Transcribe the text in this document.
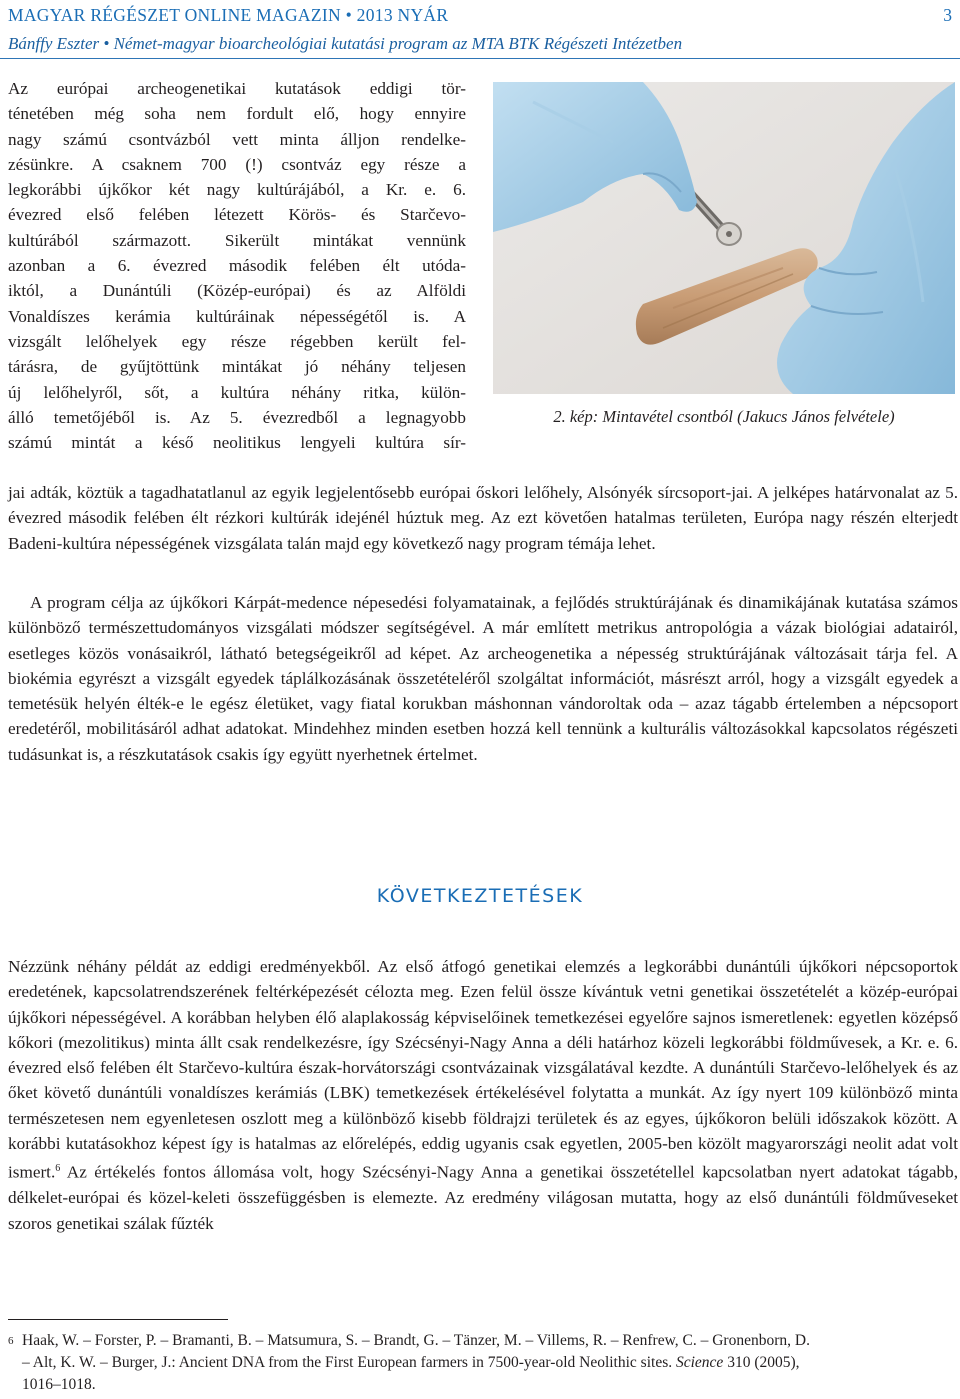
MAGYAR RÉGÉSZET ONLINE MAGAZIN • 2013 NYÁR	3
Bánffy Eszter • Német-magyar bioarcheológiai kutatási program az MTA BTK Régészeti Intézetben
Az európai archeogenetikai kutatások eddigi tör-
ténetében még soha nem fordult elő, hogy ennyire
nagy számú csontvázból vett minta álljon rendelke-
zésünkre. A csaknem 700 (!) csontváz egy része a
legkorábbi újkőkor két nagy kultúrájából, a Kr. e. 6.
évezred első felében létezett Körös- és Starčevo-
kultúrából származott. Sikerült mintákat vennünk
azonban a 6. évezred második felében élt utóda-
iktól, a Dunántúli (Közép-európai) és az Alföldi
Vonaldíszes kerámia kultúráinak népességétől is. A
vizsgált lelőhelyek egy része régebben került fel-
tárásra, de gyűjtöttünk mintákat jó néhány teljesen
új lelőhelyről, sőt, a kultúra néhány ritka, külön-
álló temetőjéből is. Az 5. évezredből a legnagyobb
számú mintát a késő neolitikus lengyeli kultúra sír-
2. kép: Mintavétel csontból (Jakucs János felvétele)

jai adták, köztük a tagadhatatlanul az egyik legjelentősebb európai őskori lelőhely, Alsónyék sírcsoport-jai. A jelképes határvonalat az 5. évezred második felében élt rézkori kultúrák idejénél húztuk meg. Az ezt követően hatalmas területen, Európa nagy részén elterjedt Badeni-kultúra népességének vizsgálata talán majd egy következő nagy program témája lehet.

A program célja az újkőkori Kárpát-medence népesedési folyamatainak, a fejlődés struktúrájának és dinamikájának kutatása számos különböző természettudományos vizsgálati módszer segítségével. A már említett metrikus antropológia a vázak biológiai adatairól, esetleges közös vonásaikról, látható betegségeikről ad képet. Az archeogenetika a népesség struktúrájának változásait tárja fel. A biokémia egyrészt a vizsgált egyedek táplálkozásának összetételéről szolgáltat információt, másrészt arról, hogy a vizsgált egyedek a temetésük helyén élték-e le egész életüket, vagy fiatal korukban máshonnan vándoroltak oda – azaz tágabb értelemben a népcsoport eredetéről, mobilitásáról adhat adatokat. Mindehhez minden esetben hozzá kell tennünk a kulturális változásokkal kapcsolatos régészeti tudásunkat is, a részkutatások csakis így együtt nyerhetnek értelmet.

KÖVETKEZTETÉSEK

Nézzünk néhány példát az eddigi eredményekből. Az első átfogó genetikai elemzés a legkorábbi dunántúli újkőkori népcsoportok eredetének, kapcsolatrendszerének feltérképezését célozta meg. Ezen felül össze kívántuk vetni genetikai összetételét a közép-európai újkőkori népességével. A korábban helyben élő alaplakosság képviselőinek temetkezései egyelőre sajnos ismeretlenek: egyetlen középső kőkori (mezolitikus) minta állt csak rendelkezésre, így Szécsényi-Nagy Anna a déli határhoz közeli legkorábbi földművesek, a Kr. e. 6. évezred első felében élt Starčevo-kultúra észak-horvátországi csontvázainak vizsgálatával kezdte. A dunántúli Starčevo-lelőhelyek és az őket követő dunántúli vonaldíszes kerámiás (LBK) temetkezések értékelésével folytatta a munkát. Az így nyert 109 különböző minta természetesen nem egyenletesen oszlott meg a különböző kisebb földrajzi területek és az egyes, újkőkoron belüli időszakok között. A korábbi kutatásokhoz képest így is hatalmas az előrelépés, eddig ugyanis csak egyetlen, 2005-ben közölt magyarországi neolit adat volt ismert.$^6$ Az értékelés fontos állomása volt, hogy Szécsényi-Nagy Anna a genetikai összetétellel kapcsolatban nyert adatokat tágabb, délkelet-európai és közel-keleti összefüggésben is elemezte. Az eredmény világosan mutatta, hogy az első dunántúli földműveseket szoros genetikai szálak fűzték

6 Haak, W. – Forster, P. – Bramanti, B. – Matsumura, S. – Brandt, G. – Tänzer, M. – Villems, R. – Renfrew, C. – Gronenborn, D.
– Alt, K. W. – Burger, J.: Ancient DNA from the First European farmers in 7500-year-old Neolithic sites. Science 310 (2005),
1016–1018.
